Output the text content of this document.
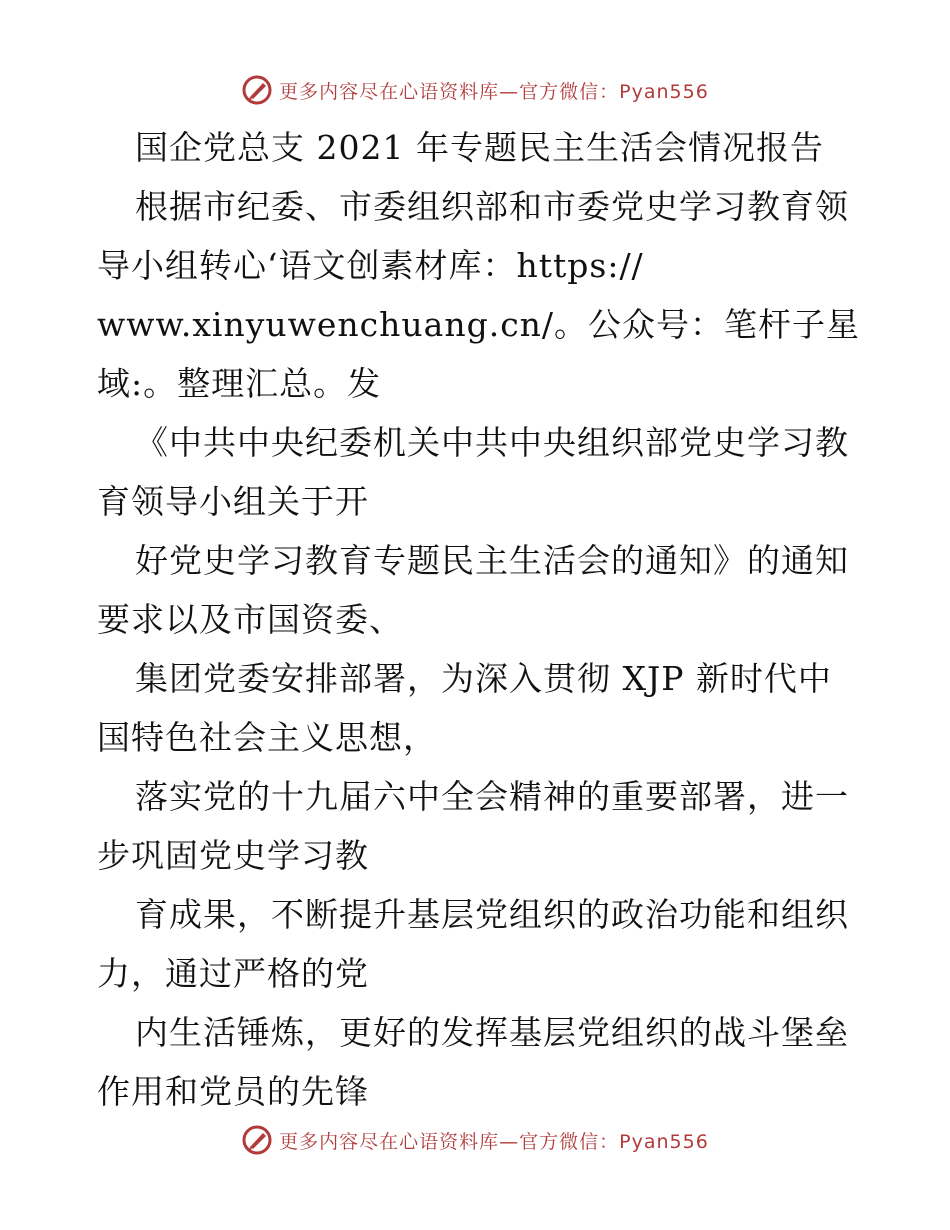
更多内容尽在心语资料库—官方微信：Pyan556
国企党总支 2021 年专题民主生活会情况报告
根据市纪委、市委组织部和市委党史学习教育领
导小组转心‘语文创素材库：https://
www.xinyuwenchuang.cn/。公众号：笔杆子星
域:。整理汇总。发
《中共中央纪委机关中共中央组织部党史学习教
育领导小组关于开
好党史学习教育专题民主生活会的通知》的通知
要求以及市国资委、
集团党委安排部署，为深入贯彻 XJP 新时代中
国特色社会主义思想，
落实党的十九届六中全会精神的重要部署，进一
步巩固党史学习教
育成果，不断提升基层党组织的政治功能和组织
力，通过严格的党
内生活锤炼，更好的发挥基层党组织的战斗堡垒
作用和党员的先锋
更多内容尽在心语资料库—官方微信：Pyan556
